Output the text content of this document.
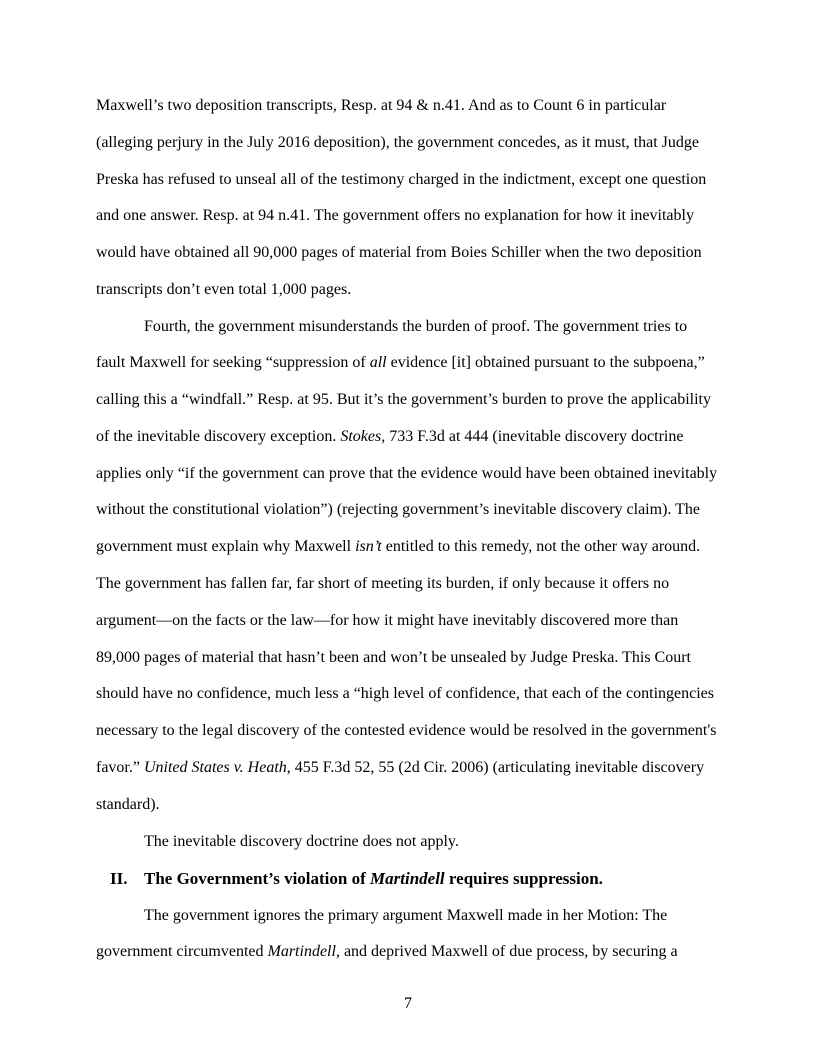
Maxwell’s two deposition transcripts, Resp. at 94 & n.41. And as to Count 6 in particular
(alleging perjury in the July 2016 deposition), the government concedes, as it must, that Judge
Preska has refused to unseal all of the testimony charged in the indictment, except one question
and one answer. Resp. at 94 n.41. The government offers no explanation for how it inevitably
would have obtained all 90,000 pages of material from Boies Schiller when the two deposition
transcripts don’t even total 1,000 pages.
Fourth, the government misunderstands the burden of proof. The government tries to
fault Maxwell for seeking “suppression of all evidence [it] obtained pursuant to the subpoena,”
calling this a “windfall.” Resp. at 95. But it’s the government’s burden to prove the applicability
of the inevitable discovery exception. Stokes, 733 F.3d at 444 (inevitable discovery doctrine
applies only “if the government can prove that the evidence would have been obtained inevitably
without the constitutional violation”) (rejecting government’s inevitable discovery claim). The
government must explain why Maxwell isn’t entitled to this remedy, not the other way around.
The government has fallen far, far short of meeting its burden, if only because it offers no
argument—on the facts or the law—for how it might have inevitably discovered more than
89,000 pages of material that hasn’t been and won’t be unsealed by Judge Preska. This Court
should have no confidence, much less a “high level of confidence, that each of the contingencies
necessary to the legal discovery of the contested evidence would be resolved in the government's
favor.” United States v. Heath, 455 F.3d 52, 55 (2d Cir. 2006) (articulating inevitable discovery
standard).
The inevitable discovery doctrine does not apply.
II. The Government’s violation of Martindell requires suppression.
The government ignores the primary argument Maxwell made in her Motion: The
government circumvented Martindell, and deprived Maxwell of due process, by securing a
7
